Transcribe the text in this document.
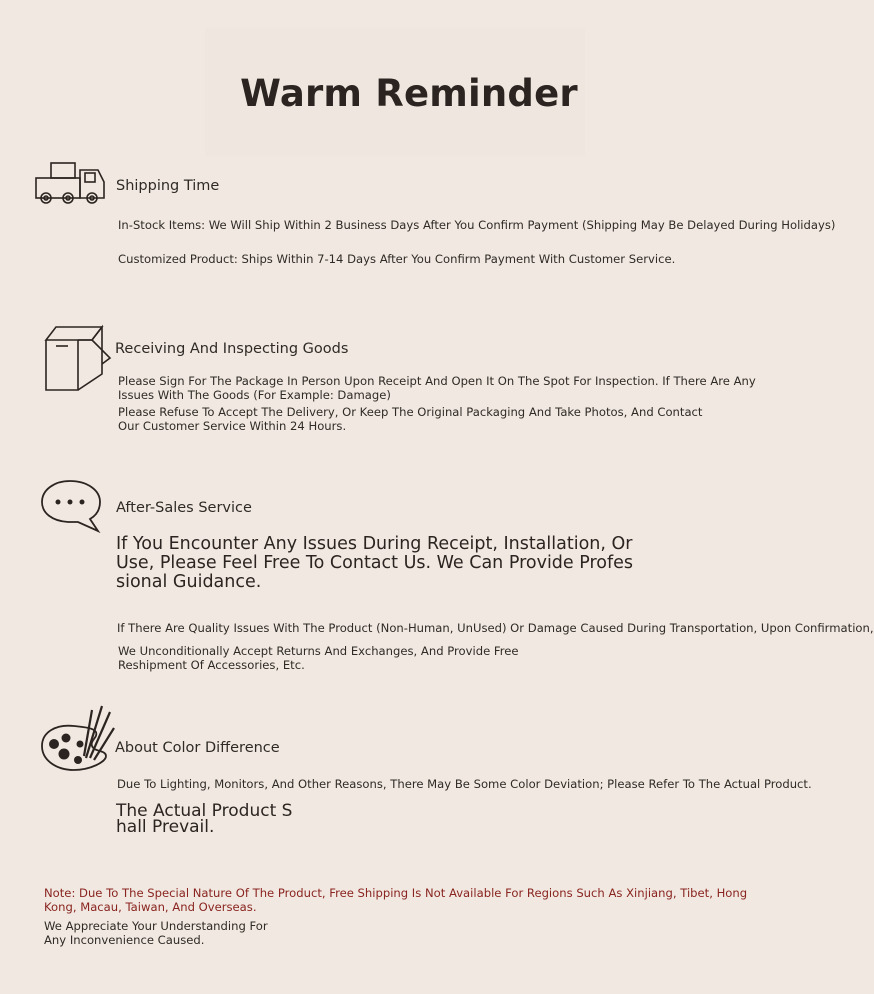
Warm Reminder
Shipping Time
In-Stock Items: We Will Ship Within 2 Business Days After You Confirm Payment (Shipping May Be Delayed During Holidays)
Customized Product: Ships Within 7-14 Days After You Confirm Payment With Customer Service.
Receiving And Inspecting Goods
Please Sign For The Package In Person Upon Receipt And Open It On The Spot For Inspection. If There Are Any Issues With The Goods (For Example: Damage)
Please Refuse To Accept The Delivery, Or Keep The Original Packaging And Take Photos, And Contact Our Customer Service Within 24 Hours.
After-Sales Service
If You Encounter Any Issues During Receipt, Installation, Or Use, Please Feel Free To Contact Us. We Can Provide Professional Guidance.
If There Are Quality Issues With The Product (Non-Human, UnUsed) Or Damage Caused During Transportation, Upon Confirmation,
We Unconditionally Accept Returns And Exchanges, And Provide Free Reshipment Of Accessories, Etc.
About Color Difference
Due To Lighting, Monitors, And Other Reasons, There May Be Some Color Deviation; Please Refer To The Actual Product.
The Actual Product Shall Prevail.
Note: Due To The Special Nature Of The Product, Free Shipping Is Not Available For Regions Such As Xinjiang, Tibet, Hong Kong, Macau, Taiwan, And Overseas.
We Appreciate Your Understanding For Any Inconvenience Caused.
